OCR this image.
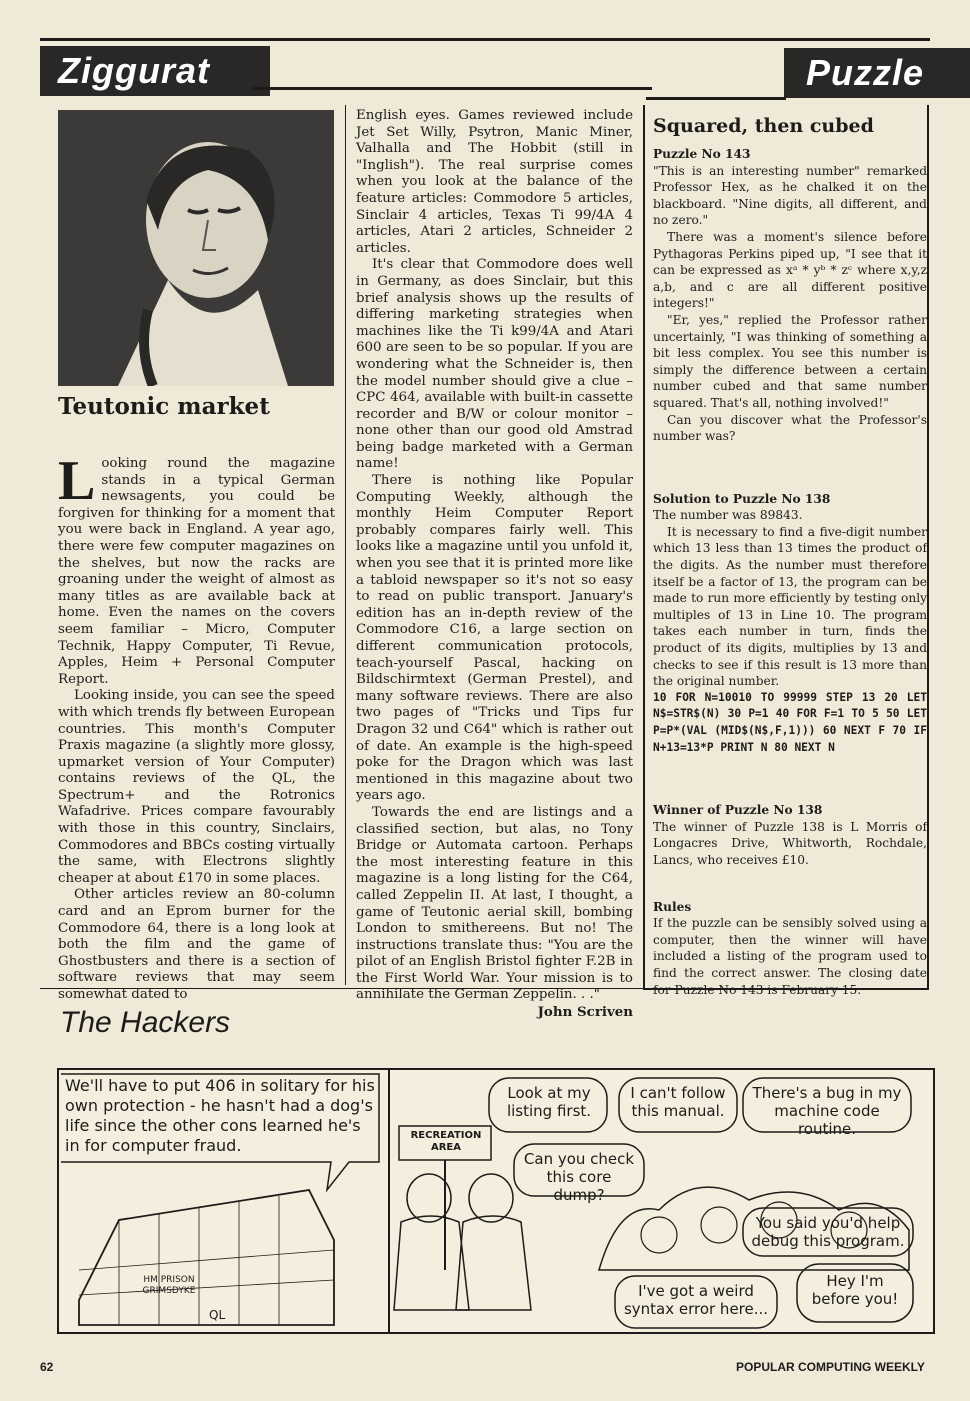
Ziggurat	Puzzle
Teutonic market

Looking round the magazine stands in a typical German newsagents, you could be forgiven for thinking for a moment that you were back in England. A year ago, there were few computer magazines on the shelves, but now the racks are groaning under the weight of almost as many titles as are available back at home. Even the names on the covers seem familiar – Micro, Computer Technik, Happy Computer, Ti Revue, Apples, Heim + Personal Computer Report.

Looking inside, you can see the speed with which trends fly between European countries. This month's Computer Praxis magazine (a slightly more glossy, upmarket version of Your Computer) contains reviews of the QL, the Spectrum+ and the Rotronics Wafadrive. Prices compare favourably with those in this country, Sinclairs, Commodores and BBCs costing virtually the same, with Electrons slightly cheaper at about £170 in some places.

Other articles review an 80-column card and an Eprom burner for the Commodore 64, there is a long look at both the film and the game of Ghostbusters and there is a section of software reviews that may seem somewhat dated to

English eyes. Games reviewed include Jet Set Willy, Psytron, Manic Miner, Valhalla and The Hobbit (still in "Inglish"). The real surprise comes when you look at the balance of the feature articles: Commodore 5 articles, Sinclair 4 articles, Texas Ti 99/4A 4 articles, Atari 2 articles, Schneider 2 articles.

It's clear that Commodore does well in Germany, as does Sinclair, but this brief analysis shows up the results of differing marketing strategies when machines like the Ti k99/4A and Atari 600 are seen to be so popular. If you are wondering what the Schneider is, then the model number should give a clue – CPC 464, available with built-in cassette recorder and B/W or colour monitor – none other than our good old Amstrad being badge marketed with a German name!

There is nothing like Popular Computing Weekly, although the monthly Heim Computer Report probably compares fairly well. This looks like a magazine until you unfold it, when you see that it is printed more like a tabloid newspaper so it's not so easy to read on public transport. January's edition has an in-depth review of the Commodore C16, a large section on different communication protocols, teach-yourself Pascal, hacking on Bildschirmtext (German Prestel), and many software reviews. There are also two pages of "Tricks und Tips fur Dragon 32 und C64" which is rather out of date. An example is the high-speed poke for the Dragon which was last mentioned in this magazine about two years ago.

Towards the end are listings and a classified section, but alas, no Tony Bridge or Automata cartoon. Perhaps the most interesting feature in this magazine is a long listing for the C64, called Zeppelin II. At last, I thought, a game of Teutonic aerial skill, bombing London to smithereens. But no! The instructions translate thus: "You are the pilot of an English Bristol fighter F.2B in the First World War. Your mission is to annihilate the German Zeppelin. . ."

John Scriven

Squared, then cubed

Puzzle No 143

"This is an interesting number" remarked Professor Hex, as he chalked it on the blackboard. "Nine digits, all different, and no zero."

There was a moment's silence before Pythagoras Perkins piped up, "I see that it can be expressed as xᵃ * yᵇ * zᶜ where x,y,z a,b, and c are all different positive integers!"

"Er, yes," replied the Professor rather uncertainly, "I was thinking of something a bit less complex. You see this number is simply the difference between a certain number cubed and that same number squared. That's all, nothing involved!"

Can you discover what the Professor's number was?

Solution to Puzzle No 138

The number was 89843.

It is necessary to find a five-digit number which 13 less than 13 times the product of the digits. As the number must therefore itself be a factor of 13, the program can be made to run more efficiently by testing only multiples of 13 in Line 10. The program takes each number in turn, finds the product of its digits, multiplies by 13 and checks to see if this result is 13 more than the original number.

10 FOR N=10010 TO 99999 STEP 13 20 LET N$=STR$(N) 30 P=1 40 FOR F=1 TO 5 50 LET P=P*(VAL (MID$(N$,F,1))) 60 NEXT F 70 IF N+13=13*P PRINT N 80 NEXT N

Winner of Puzzle No 138

The winner of Puzzle 138 is L Morris of Longacres Drive, Whitworth, Rochdale, Lancs, who receives £10.

Rules

If the puzzle can be sensibly solved using a computer, then the winner will have included a listing of the program used to find the correct answer. The closing date for Puzzle No 143 is February 15.

The Hackers
We'll have to put 406 in solitary for his own protection - he hasn't had a dog's life since the other cons learned he's in for computer fraud.
RECREATION AREA
HM PRISON GRIMSDYKE
Look at my listing first.
I can't follow this manual.
There's a bug in my machine code routine.
Can you check this core dump?
You said you'd help debug this program.
Hey I'm before you!
I've got a weird syntax error here...
QL
62	POPULAR COMPUTING WEEKLY
